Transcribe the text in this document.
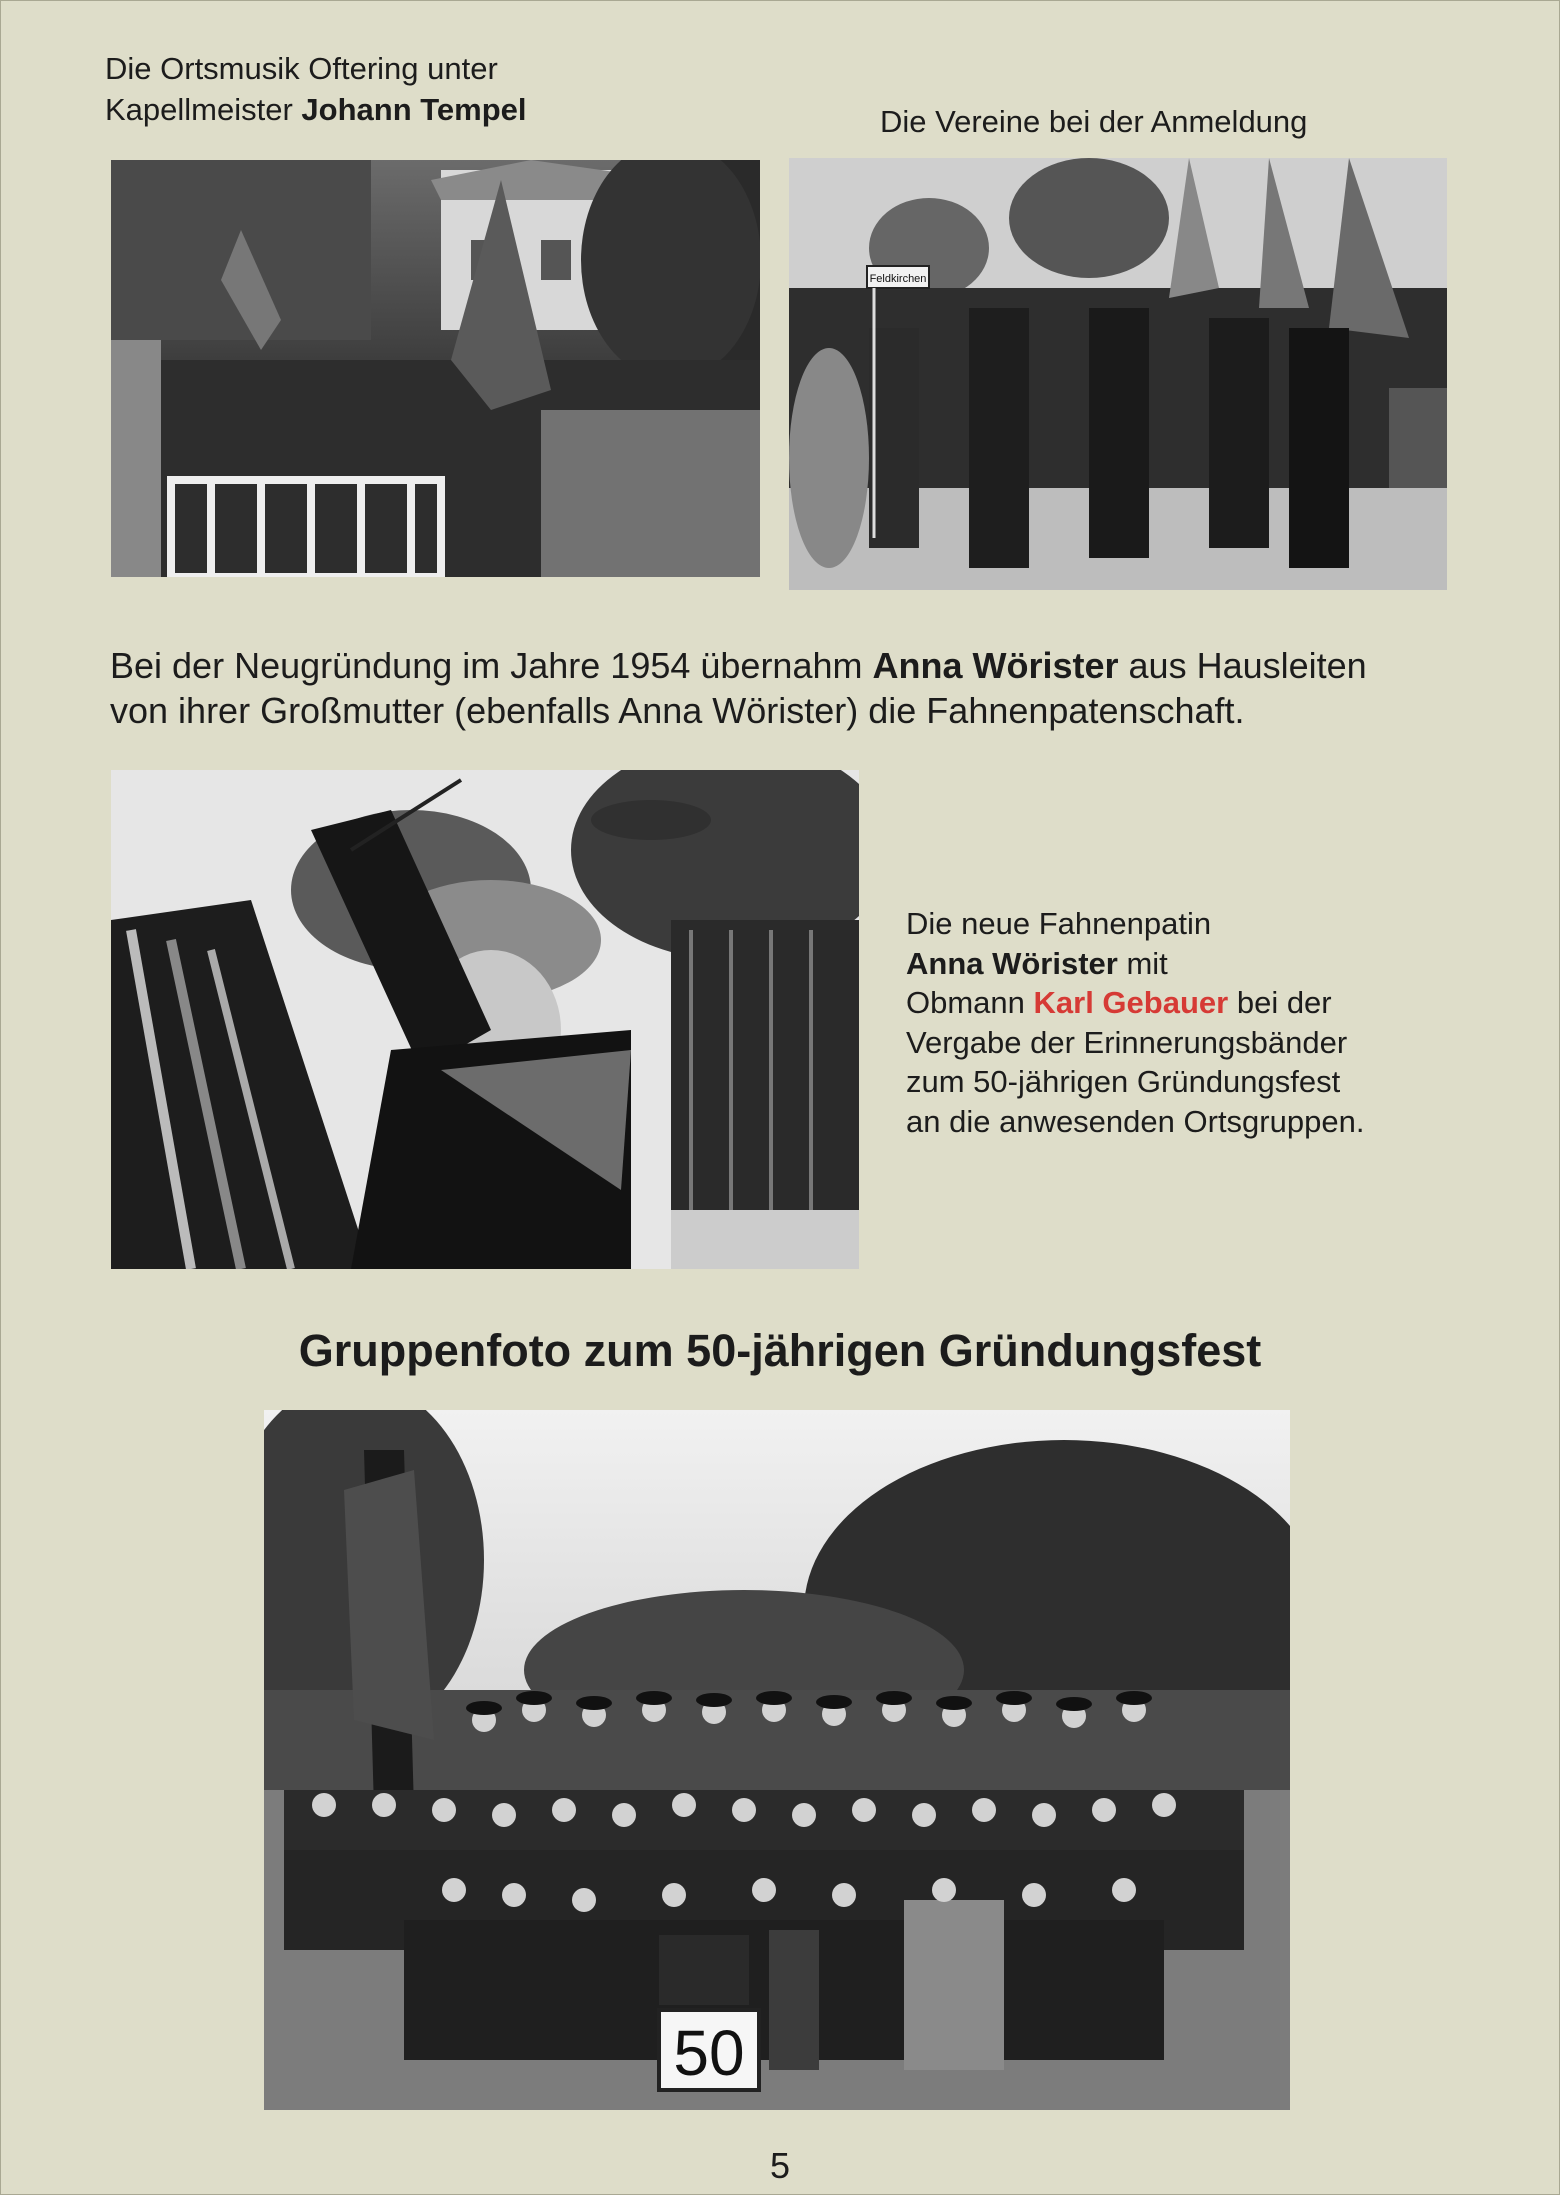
Die Ortsmusik Oftering unter
Kapellmeister Johann Tempel	Die Vereine bei der Anmeldung
Feldkirchen
Bei der Neugründung im Jahre 1954 übernahm Anna Wörister aus Hausleiten
von ihrer Großmutter (ebenfalls Anna Wörister) die Fahnenpatenschaft.
Die neue Fahnenpatin
Anna Wörister mit
Obmann Karl Gebauer bei der
Vergabe der Erinnerungsbänder
zum 50-jährigen Gründungsfest
an die anwesenden Ortsgruppen.
Gruppenfoto zum 50-jährigen Gründungsfest
50
5
